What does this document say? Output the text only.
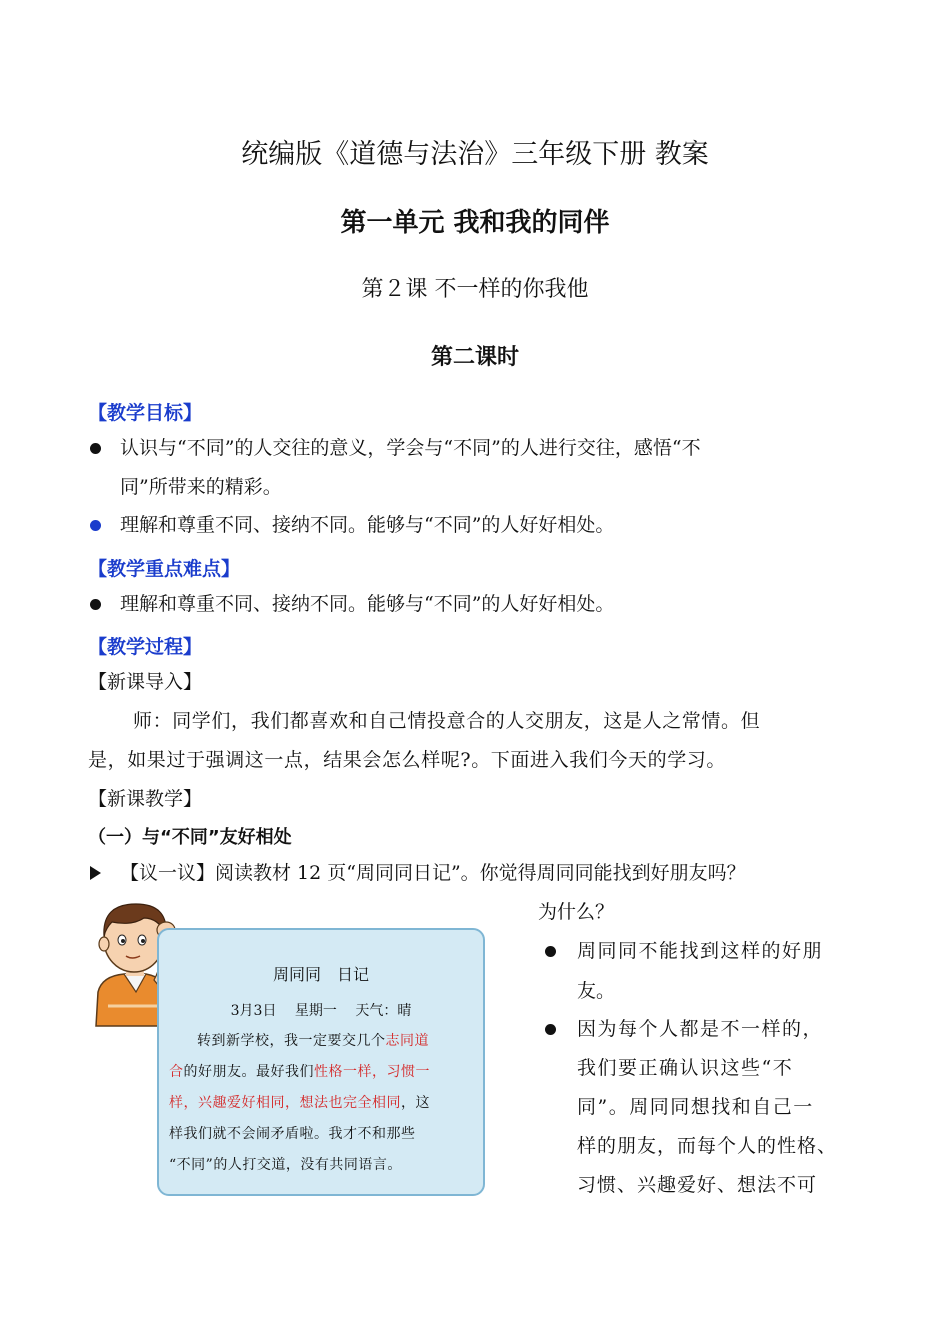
统编版《道德与法治》三年级下册 教案
第一单元 我和我的同伴
第２课 不一样的你我他
第二课时
【教学目标】
认识与“不同”的人交往的意义，学会与“不同”的人进行交往，感悟“不
同”所带来的精彩。
理解和尊重不同、接纳不同。能够与“不同”的人好好相处。
【教学重点难点】
理解和尊重不同、接纳不同。能够与“不同”的人好好相处。
【教学过程】
【新课导入】
师：同学们，我们都喜欢和自己情投意合的人交朋友，这是人之常情。但
是，如果过于强调这一点，结果会怎么样呢?。下面进入我们今天的学习。
【新课教学】
（一）与“不同”友好相处
【议一议】阅读教材 12 页“周同同日记”。你觉得周同同能找到好朋友吗？
为什么？
周同同不能找到这样的好朋
友。
因为每个人都是不一样的，
我们要正确认识这些“不
同”。周同同想找和自己一
样的朋友，而每个人的性格、
习惯、兴趣爱好、想法不可
周同同　日记
3月3日　 星期一　 天气：晴
转到新学校，我一定要交几个志同道
合的好朋友。最好我们性格一样，习惯一
样，兴趣爱好相同，想法也完全相同，这
样我们就不会闹矛盾啦。我才不和那些
“不同”的人打交道，没有共同语言。
